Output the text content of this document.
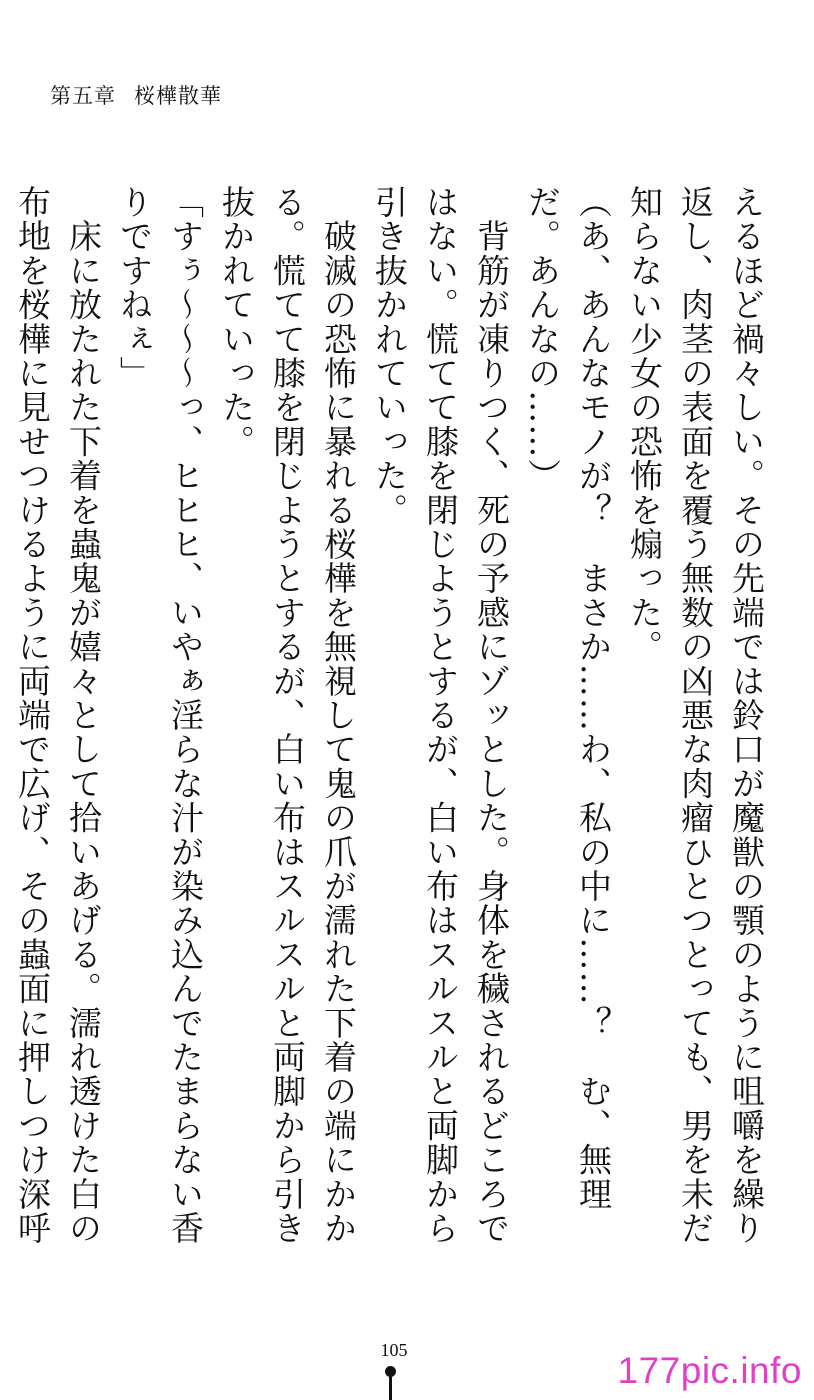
第五章 桜樺散華

えるほど禍々しい。その先端では鈴口が魔獣の顎のように咀嚼を繰り返し、肉茎の表面を覆う無数の凶悪な肉瘤ひとつとっても、男を未だ知らない少女の恐怖を煽った。

（あ、あんなモノが？　まさか……わ、私の中に……？　む、無理だ。あんなの……）

　背筋が凍りつく、死の予感にゾッとした。身体を穢されるどころではない。慌てて膝を閉じようとするが、白い布はスルスルと両脚から引き抜かれていった。

　破滅の恐怖に暴れる桜樺を無視して鬼の爪が濡れた下着の端にかかる。慌てて膝を閉じようとするが、白い布はスルスルと両脚から引き抜かれていった。

「すぅ〜〜〜っ、ヒヒヒ、いやぁ淫らな汁が染み込んでたまらない香りですねぇ」

　床に放たれた下着を蟲鬼が嬉々として拾いあげる。濡れ透けた白の布地を桜樺に見せつけるように両端で広げ、その蟲面に押しつけ深呼

105	177pic.info
